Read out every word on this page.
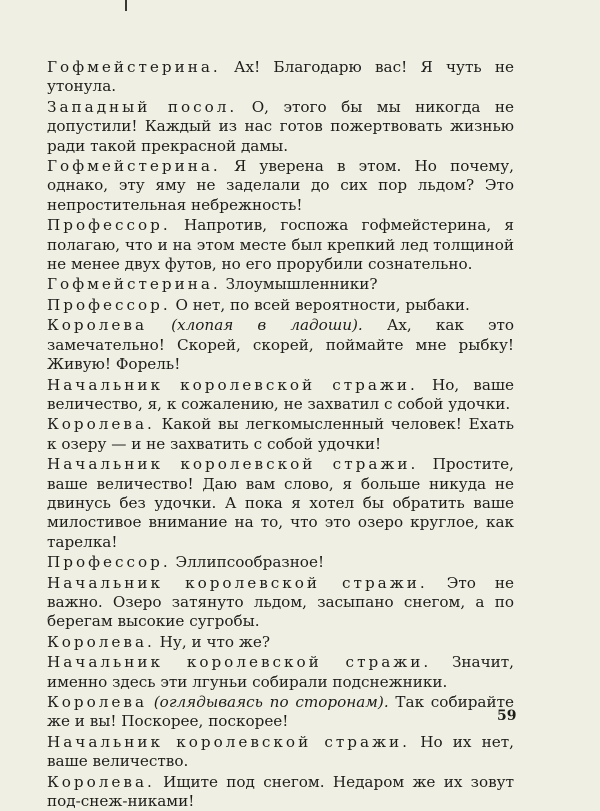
Гофмейстерина. Ах! Благодарю вас! Я чуть не утонула.

Западный посол. О, этого бы мы никогда не допустили! Каждый из нас готов пожертвовать жизнью ради такой прекрасной дамы.

Гофмейстерина. Я уверена в этом. Но почему, однако, эту яму не заделали до сих пор льдом? Это непростительная небрежность!

Профессор. Напротив, госпожа гофмейстерина, я полагаю, что и на этом месте был крепкий лед толщиной не менее двух футов, но его прорубили сознательно.

Гофмейстерина. Злоумышленники?

Профессор. О нет, по всей вероятности, рыбаки.

Королева (хлопая в ладоши). Ах, как это замечательно! Скорей, скорей, поймайте мне рыбку! Живую! Форель!

Начальник королевской стражи. Но, ваше величество, я, к сожалению, не захватил с собой удочки.

Королева. Какой вы легкомысленный человек! Ехать к озеру — и не захватить с собой удочки!

Начальник королевской стражи. Простите, ваше величество! Даю вам слово, я больше никуда не двинусь без удочки. А пока я хотел бы обратить ваше милостивое внимание на то, что это озеро круглое, как тарелка!

Профессор. Эллипсообразное!

Начальник королевской стражи. Это не важно. Озеро затянуто льдом, засыпано снегом, а по берегам высокие сугробы.

Королева. Ну, и что же?

Начальник королевской стражи. Значит, именно здесь эти лгуньи собирали подснежники.

Королева (оглядываясь по сторонам). Так собирайте же и вы! Поскорее, поскорее!

Начальник королевской стражи. Но их нет, ваше величество.

Королева. Ищите под снегом. Недаром же их зовут под-снеж-никами!

59
